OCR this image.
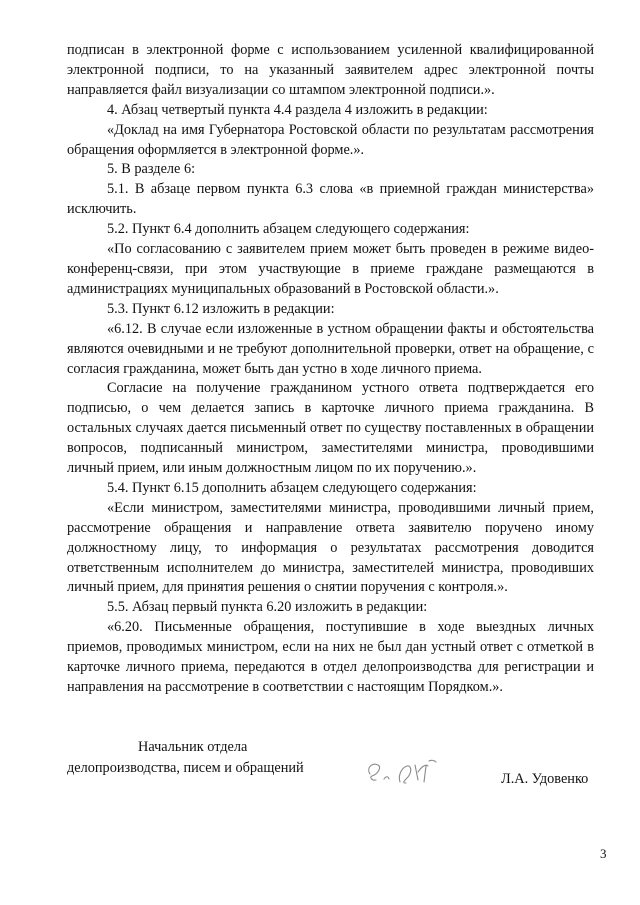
подписан в электронной форме с использованием усиленной квалифицированной электронной подписи, то на указанный заявителем адрес электронной почты направляется файл визуализации со штампом электронной подписи.».

4. Абзац четвертый пункта 4.4 раздела 4 изложить в редакции:

«Доклад на имя Губернатора Ростовской области по результатам рассмотрения обращения оформляется в электронной форме.».

5. В разделе 6:

5.1. В абзаце первом пункта 6.3 слова «в приемной граждан министерства» исключить.

5.2. Пункт 6.4 дополнить абзацем следующего содержания:

«По согласованию с заявителем прием может быть проведен в режиме видео-конференц-связи, при этом участвующие в приеме граждане размещаются в администрациях муниципальных образований в Ростовской области.».

5.3. Пункт 6.12 изложить в редакции:

«6.12. В случае если изложенные в устном обращении факты и обстоятельства являются очевидными и не требуют дополнительной проверки, ответ на обращение, с согласия гражданина, может быть дан устно в ходе личного приема.

Согласие на получение гражданином устного ответа подтверждается его подписью, о чем делается запись в карточке личного приема гражданина. В остальных случаях дается письменный ответ по существу поставленных в обращении вопросов, подписанный министром, заместителями министра, проводившими личный прием, или иным должностным лицом по их поручению.».

5.4. Пункт 6.15 дополнить абзацем следующего содержания:

«Если министром, заместителями министра, проводившими личный прием, рассмотрение обращения и направление ответа заявителю поручено иному должностному лицу, то информация о результатах рассмотрения доводится ответственным исполнителем до министра, заместителей министра, проводивших личный прием, для принятия решения о снятии поручения с контроля.».

5.5. Абзац первый пункта 6.20 изложить в редакции:

«6.20. Письменные обращения, поступившие в ходе выездных личных приемов, проводимых министром, если на них не был дан устный ответ с отметкой в карточке личного приема, передаются в отдел делопроизводства для регистрации и направления на рассмотрение в соответствии с настоящим Порядком.».

Начальник отдела
делопроизводства, писем и обращений
Л.А. Удовенко
3
